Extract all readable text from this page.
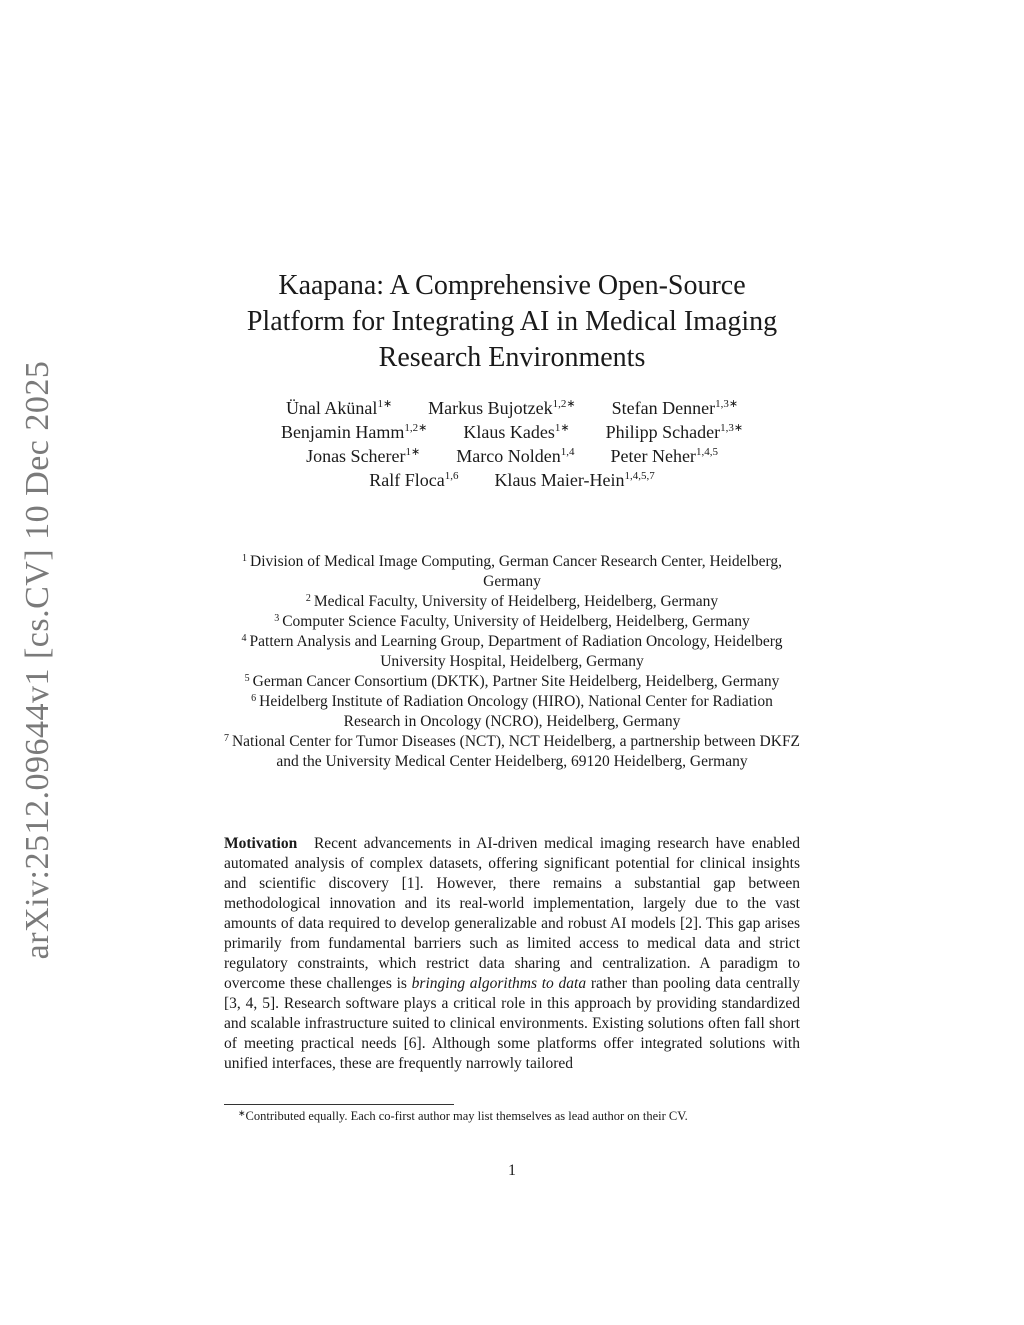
arXiv:2512.09644v1 [cs.CV] 10 Dec 2025
Kaapana: A Comprehensive Open-Source
Platform for Integrating AI in Medical Imaging
Research Environments
Ünal Akünal$^{1∗}$ Markus Bujotzek$^{1,2∗}$ Stefan Denner$^{1,3∗}$
Benjamin Hamm$^{1,2∗}$ Klaus Kades$^{1∗}$ Philipp Schader$^{1,3∗}$
Jonas Scherer$^{1∗}$ Marco Nolden$^{1,4}$ Peter Neher$^{1,4,5}$
Ralf Floca$^{1,6}$ Klaus Maier-Hein$^{1,4,5,7}$

$^1$ Division of Medical Image Computing, German Cancer Research Center, Heidelberg, Germany

$^2$ Medical Faculty, University of Heidelberg, Heidelberg, Germany

$^3$ Computer Science Faculty, University of Heidelberg, Heidelberg, Germany

$^4$ Pattern Analysis and Learning Group, Department of Radiation Oncology, Heidelberg University Hospital, Heidelberg, Germany

$^5$ German Cancer Consortium (DKTK), Partner Site Heidelberg, Heidelberg, Germany

$^6$ Heidelberg Institute of Radiation Oncology (HIRO), National Center for Radiation Research in Oncology (NCRO), Heidelberg, Germany

$^7$ National Center for Tumor Diseases (NCT), NCT Heidelberg, a partnership between DKFZ and the University Medical Center Heidelberg, 69120 Heidelberg, Germany

Motivation Recent advancements in AI-driven medical imaging research have enabled automated analysis of complex datasets, offering significant potential for clinical insights and scientific discovery [1]. However, there remains a substantial gap between methodological innovation and its real-world implementation, largely due to the vast amounts of data required to develop generalizable and robust AI models [2]. This gap arises primarily from fundamental barriers such as limited access to medical data and strict regulatory constraints, which restrict data sharing and centralization. A paradigm to overcome these challenges is bringing algorithms to data rather than pooling data centrally [3, 4, 5]. Research software plays a critical role in this approach by providing standardized and scalable infrastructure suited to clinical environments. Existing solutions often fall short of meeting practical needs [6]. Although some platforms offer integrated solutions with unified interfaces, these are frequently narrowly tailored
∗Contributed equally. Each co-first author may list themselves as lead author on their CV.
1
